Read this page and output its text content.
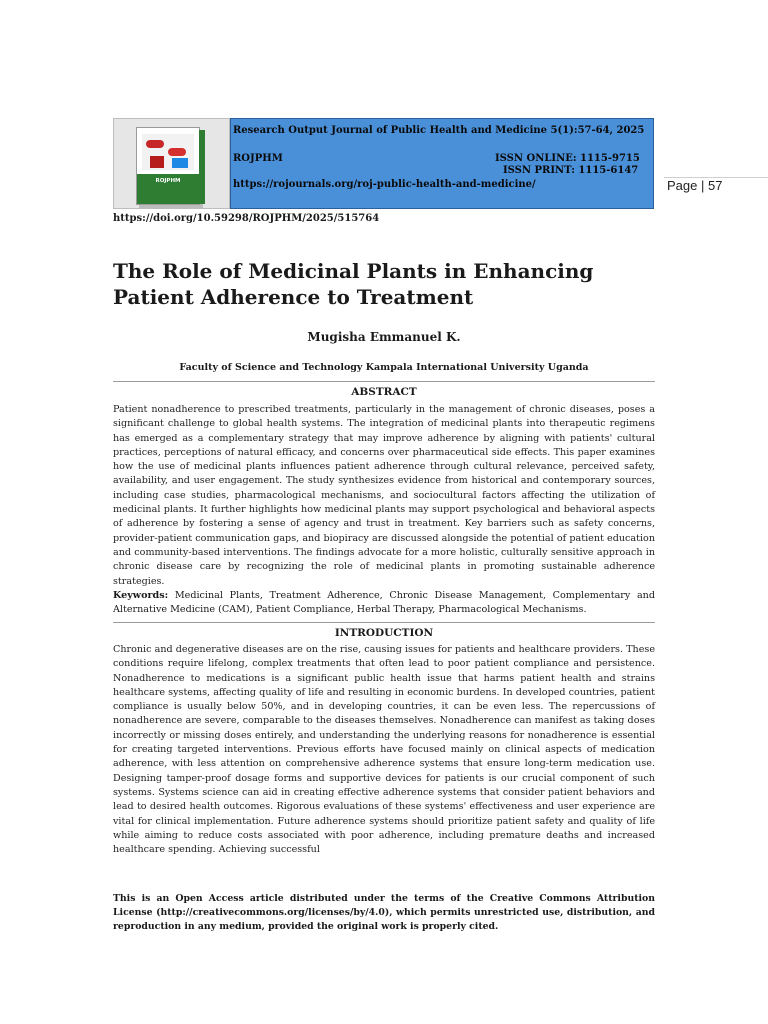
ROJPHM
Research Output Journal of Public Health and Medicine 5(1):57-64, 2025
ROJPHM	ISSN ONLINE: 1115-9715
ISSN PRINT: 1115-6147
https://rojournals.org/roj-public-health-and-medicine/	Page | 57
https://doi.org/10.59298/ROJPHM/2025/515764
The Role of Medicinal Plants in Enhancing Patient Adherence to Treatment
Mugisha Emmanuel K.
Faculty of Science and Technology Kampala International University Uganda
ABSTRACT

Patient nonadherence to prescribed treatments, particularly in the management of chronic diseases, poses a significant challenge to global health systems. The integration of medicinal plants into therapeutic regimens has emerged as a complementary strategy that may improve adherence by aligning with patients' cultural practices, perceptions of natural efficacy, and concerns over pharmaceutical side effects. This paper examines how the use of medicinal plants influences patient adherence through cultural relevance, perceived safety, availability, and user engagement. The study synthesizes evidence from historical and contemporary sources, including case studies, pharmacological mechanisms, and sociocultural factors affecting the utilization of medicinal plants. It further highlights how medicinal plants may support psychological and behavioral aspects of adherence by fostering a sense of agency and trust in treatment. Key barriers such as safety concerns, provider-patient communication gaps, and biopiracy are discussed alongside the potential of patient education and community-based interventions. The findings advocate for a more holistic, culturally sensitive approach in chronic disease care by recognizing the role of medicinal plants in promoting sustainable adherence strategies.

Keywords: Medicinal Plants, Treatment Adherence, Chronic Disease Management, Complementary and Alternative Medicine (CAM), Patient Compliance, Herbal Therapy, Pharmacological Mechanisms.

INTRODUCTION

Chronic and degenerative diseases are on the rise, causing issues for patients and healthcare providers. These conditions require lifelong, complex treatments that often lead to poor patient compliance and persistence. Nonadherence to medications is a significant public health issue that harms patient health and strains healthcare systems, affecting quality of life and resulting in economic burdens. In developed countries, patient compliance is usually below 50%, and in developing countries, it can be even less. The repercussions of nonadherence are severe, comparable to the diseases themselves. Nonadherence can manifest as taking doses incorrectly or missing doses entirely, and understanding the underlying reasons for nonadherence is essential for creating targeted interventions. Previous efforts have focused mainly on clinical aspects of medication adherence, with less attention on comprehensive adherence systems that ensure long-term medication use. Designing tamper-proof dosage forms and supportive devices for patients is our crucial component of such systems. Systems science can aid in creating effective adherence systems that consider patient behaviors and lead to desired health outcomes. Rigorous evaluations of these systems' effectiveness and user experience are vital for clinical implementation. Future adherence systems should prioritize patient safety and quality of life while aiming to reduce costs associated with poor adherence, including premature deaths and increased healthcare spending. Achieving successful

This is an Open Access article distributed under the terms of the Creative Commons Attribution License (http://creativecommons.org/licenses/by/4.0), which permits unrestricted use, distribution, and reproduction in any medium, provided the original work is properly cited.
